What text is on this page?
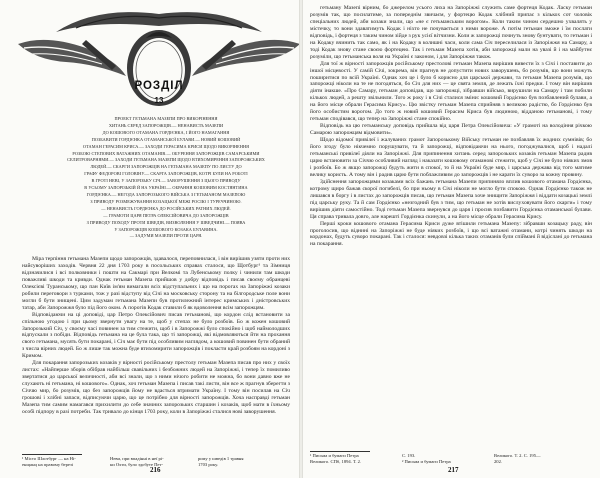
РОЗДІЛ
13
ПРОЕКТ ГЕТЬМАНА МАЗЕПИ ПРО ВИКОРІНЕННЯ
ХИТАНЬ СЕРЕД ЗАПОРОЖЦІВ.— НЕНАВИСТЬ МАЗЕПИ
ДО КОШОВОГО ОТАМАНА ГОРДІЄНКА, І ЙОГО НАМАГАННЯ
ПОЗБАВИТИ ГОРДІЄНКА ОТАМАНСЬКОЇ БУЛАВИ.— НОВИЙ КОШОВИЙ
ОТАМАН ГЕРАСИМ КРИСА.— ЗАХОДИ ГЕРАСИМА КРИСИ ЩОДО ВИКОРІНЕННЯ
РОЗБОЮ СТЕПОВИХ ВАТАЖНИХ ОТАМАНІВ.— ОБУРЕННЯ ЗАПОРОЖЦІВ САМАРСЬКИМИ
СЕЛИТРОВАРНЯМИ.— ЗАХОДИ ГЕТЬМАНА МАЗЕПИ ЩОДО ВТИХОМИРЕННЯ ЗАПОРОЖСЬКИХ
ЛЮДЕЙ.— СКАРГИ ЗАПОРОЖЦІВ НА ГЕТЬМАНА МАЗЕПУ ПО ЛИСТУ ДО
ГРАФУ ФЕДОРОВІ ГОЛОВІНУ.— СКАРГА ЗАПОРОЖЦІВ, КОТРІ БУЛИ НА РОБОТІ
В ГРОТІ НЕВІ, У ЗАПОРІЗЬКУ СІЧ.— ЗАВОРУШЕННЯ З ЦЬОГО ПРИВОДУ
В УСЬОМУ ЗАПОРІЗЬКІЙ Й НА УКРАЇНІ.— ОБРАННЯ КОШОВИМ КОСТЯНТИНА
ГОРДІЄНКА.— НЕГОДА ЗАПОРОЗЬКОГО ВІЙСЬКА З ГЕТЬМАНОМ МАЗЕПОЮ
З ПРИВОДУ РОЗМЕЖУВАННЯ КОЗАЦЬКОЇ МЕЖІ РОСІЮ І ТУРЕЧЧИНОЮ.
— НЕНАВИСТЬ ГОРДІЄНКА ДО РОСІЙСЬКИХ РАТНИХ ЛЮДЕЙ.
— ГРАМОТИ ЦАРЯ ПЕТРА ОЛЕКСІЙОВИЧА ДО ЗАПОРОЖЦІВ
З ПРИВОДУ ПОХОДУ ПРОТИ ШВЕДІВ, ВИЗВОЛЕННЯ У ШВЕДЧИНІ.— ПОЯВА
У ЗАПОРОЖЦІВ КОШОВОГО КОЗАКА БУЛАВИНА.
— ЗАДУМИ МАЗЕПИ ПРОТИ ЦАРЯ.

Міра терпіння гетьмана Мазепи щодо запорожців, здавалося, переповнилася, і він вирішив узяти проти них найсуворіших заходів. Червня 22 дня 1703 року в посольських справах сталося, що Щотбург¹ та Зімниця відзначилися і всі полковники і пошти на Сакмарі при Велкомі та Лубенському полку і чинили там шкоди поважливі шкоди та кривди. Однак гетьман Мазепа прийшов у добру відповідь і писав своєму обранцеві Олексієві Туранському, що пан Київ ім'ям вимагали всіх відступальних і що на порогах на Запоріжжі козаки робили переговори з турками, тож у разі відступу від Січі на московську сторону та на білгородське поле вони могли б бути знищені. Цим задумам гетьмана Мазепи був протилежний інтерес кримських і дністровських татар, аби Запорожжя було під його оком. А порогів Кодак ставили б як вдоволення всім запорожцям.

Відповідаючи на ці доповіді, цар Петро Олексійович писав гетьманові, що кордон слід встановити за спільною угодою і при цьому звернути увагу на те, щоб у степах не було розбоїв. Бо ж кожен кошовий Запорозький Січ, у своєму часі повинен за тим стежити, щоб і в Запорожжі було спокійно і щоб наймолодших відпускали з побіди. Відповідь гетьмана на це була така, що ті запорожці, які відмовляються йти на прохання свого гетьмана, мусять бути покарані, і Січ має бути під особливим наглядом, а кошовий повинен бути обраний з числа вірних людей. Бо ж лише так можна буде втихомирити запорожців і покласти край розбоям на кордоні з Кримом.

Для покарання запорозьких козаків у вірності російському престолу гетьман Мазепа писав про них у своїх листах: «Найперше зборів обібрав найбільш свавільних і безбожних людей на Запоріжжі, і тепер їх помиливо звертатися до царської величності, аби всі знали, що з ними нічого робити не можна, бо вони давно вже не слухають ні гетьмана, ні кошового». Однак, хоч гетьман Мазепа і писав такі листи, він все ж прагнув зберегти з Січчю мир, бо розумів, що без запорожців йому не вдасться втримати Україну. І тому він посилав на Січ грошові і хлібні запаси, відписуючи царю, що це потрібно для вірності запорожців. Хоча насправді гетьман Мазепа тим самим намагався прихилити до себе значних запорозьких старшин і козаків, щоб мати в їхньому особі підпору в разі потреби. Так тривало до кінця 1703 року, коли в Запоріжжі сталися нові заворушення.

¹ Місто Шлотбург — на Ні-	Неви, при впадінні в неї рі-	рому у шведів 1 травня
енщанц на правому березі	ки Охти, було здобуте Пет-	1703 року.
216

гетьману Мазепі вірним, бо джерелом усього лиха на Запоріжжі служить саме фортеця Кодак. Ласку гетьман розумів так, що посилатиме, за попереднім звичаєм, у фортецю Кодак хлібний припас з кількох сот чоловік спеціальних людей, аби козаки знали, що «не є гетьманським ворогом». Коли таким чином сердешно ухвалять у містечку, то вони здаватимуть Кодак і ніхто не почувається з ними вороже. А потім гетьман зможе і їм послати відповідь, і фортеця з таким чином зійде з рук усієї вітчизни. Коли ж запорожці почнуть знову бунтувати, то гетьман і на Кодаку вчинить так само, як і на Кодаку в колишні часи, коли сама Січ переселилася із Запоріжжя на Самару, а тоді Кодак знову стане своєю фортецею. Так і гетьман Мазепа хотів, аби запорожці мали на увазі й і на майбутнє розуміли, що гетьманська воля на Україні є законом, і для Запоріжжя також.

Для тої ж вірності запорожців російському престолові гетьман Мазепа вирішив вивести їх з Січі і поставити до іншої місцевості. У самій Січі, зокрема, він прагнув не допустити нових заворушень, бо розумів, що вони можуть поширитися по всій Україні. Однак хоч це і було б корисно для царської держави, та гетьман Мазепа розумів, що запорожці ніколи на те не погодяться, бо Січ для них — це свята земля, де лежать їхні предки. І тому він вирішив діяти інакше. «Про Самару, гетьман доповідав, що запорожці, зібравши військо, вирушили на Самару і там побили кількох людей, а решту звільнили. Того ж року і в Січі сталися зміни: кошовий Гордієнко був позбавлений булави, а на його місце обрали Герасима Крису». Цю звістку гетьман Мазепа сприйняв з великою радістю, бо Гордієнко був його особистим ворогом. До того ж новий кошовий Герасим Криса був людиною, відданою гетьманові, і тому гетьман сподівався, що тепер на Запоріжжі стане спокійно.

Відповідь на цю гетьманську доповідь прийшла від царя Петра Олексійовича: «У грамоті на володіння річкою Самарою запорожцям відмовити».

Щодо відомої привілеї і жалуваних грамот Запорозькому Війську гетьман не позбавляв їх жодних сумнівів; бо його згоду було нікчемно порушувати, та й запорожці, відповідаючи на нього, погоджувалися, щоб і надалі гетьманські привілеї діяли на Запоріжжі. Для припинення хитань серед запорозьких козаків гетьман Мазепа радив царю встановити за Січчю особливий нагляд і наказати кошовому отаманові стежити, щоб у Січі не було ніяких змов і розбоїв. Бо ж якщо запорожці будуть жити в спокої, то й на Україні буде мир, і царська держава від того матиме велику користь. А тому він і радив царю бути поблажливим до запорожців і не карати їх суворо за кожну провину.

Здійснення запорожцями козаками всіх бажань гетьмана Мазепи припиняло вплив кошового отамана Гордієнка, котрому щиро бажав скорої погибелі, бо при ньому в Січі ніколи не могло бути спокою. Однак Гордієнко також не лишався в боргу і в листах до запорожців писав, що гетьман Мазепа хоче знищити Запоріжжя і віддати козацькі землі під царську руку. Та й сам Гордієнко «незгодний був з тим, що гетьман не хотів вислуховувати його скарги» і тому вирішив діяти самостійно. Тоді гетьман Мазепа звернувся до царя і просив позбавити Гордієнка отаманської булави. Ця справа тривала довго, але нарешті Гордієнка скинули, а на його місце обрали Герасима Крису.

Перші кроки кошового отамана Герасима Криси дуже втішили гетьмана Мазепу: зібравши козацьку раду, він проголосив, що віднині на Запоріжжі не буде ніяких розбоїв, і що всі ватажні отамани, котрі чинять шкоди на кордонах, будуть суворо покарані. Так і сталося: невдовзі кілька таких отаманів були спіймані й відіслані до гетьмана на покарання.

¹ Письма и бумаги Петра	С. 193.	Великого. Т. 2. С. 195—
Великого. СПб, 1894. Т. 2.	² Письма и бумаги Петра	202.
217
